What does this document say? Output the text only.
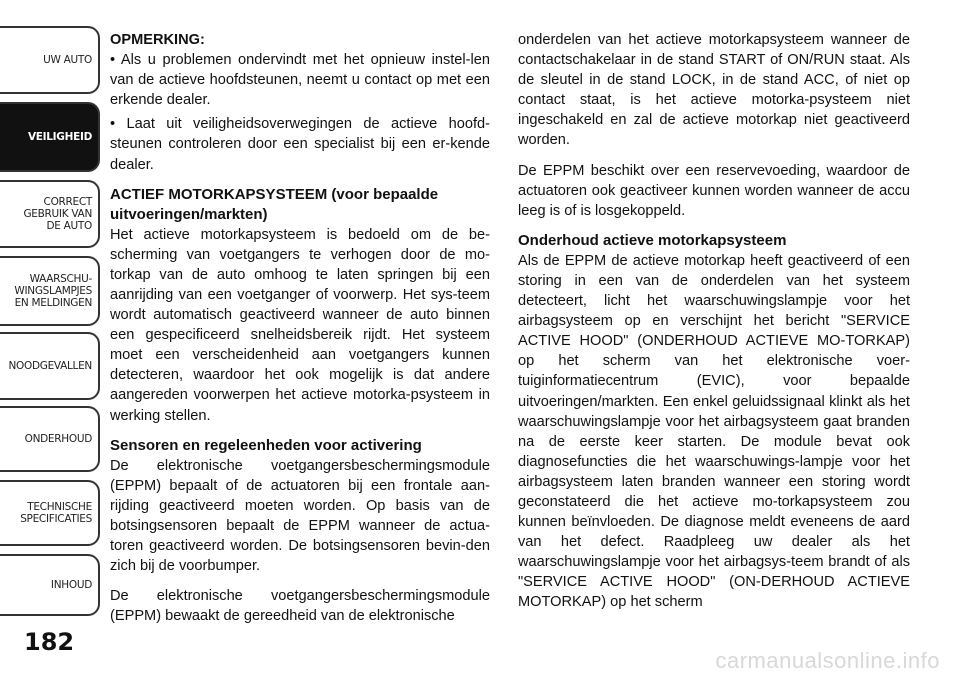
UW AUTO
VEILIGHEID
CORRECT
GEBRUIK VAN
DE AUTO
WAARSCHU-
WINGSLAMPJES
EN MELDINGEN
NOODGEVALLEN
ONDERHOUD
TECHNISCHE
SPECIFICATIES
INHOUD
182

OPMERKING:

• Als u problemen ondervindt met het opnieuw instel-len van de actieve hoofdsteunen, neemt u contact op met een erkende dealer.

• Laat uit veiligheidsoverwegingen de actieve hoofd-steunen controleren door een specialist bij een er-kende dealer.

ACTIEF MOTORKAPSYSTEEM (voor bepaalde uitvoeringen/markten)

Het actieve motorkapsysteem is bedoeld om de be-scherming van voetgangers te verhogen door de mo-torkap van de auto omhoog te laten springen bij een aanrijding van een voetganger of voorwerp. Het sys-teem wordt automatisch geactiveerd wanneer de auto binnen een gespecificeerd snelheidsbereik rijdt. Het systeem moet een verscheidenheid aan voetgangers kunnen detecteren, waardoor het ook mogelijk is dat andere aangereden voorwerpen het actieve motorka-psysteem in werking stellen.

Sensoren en regeleenheden voor activering

De elektronische voetgangersbeschermingsmodule (EPPM) bepaalt of de actuatoren bij een frontale aan-rijding geactiveerd moeten worden. Op basis van de botsingsensoren bepaalt de EPPM wanneer de actua-toren geactiveerd worden. De botsingsensoren bevin-den zich bij de voorbumper.

De elektronische voetgangersbeschermingsmodule (EPPM) bewaakt de gereedheid van de elektronische

onderdelen van het actieve motorkapsysteem wanneer de contactschakelaar in de stand START of ON/RUN staat. Als de sleutel in de stand LOCK, in de stand ACC, of niet op contact staat, is het actieve motorka-psysteem niet ingeschakeld en zal de actieve motorkap niet geactiveerd worden.

De EPPM beschikt over een reservevoeding, waardoor de actuatoren ook geactiveer kunnen worden wanneer de accu leeg is of is losgekoppeld.

Onderhoud actieve motorkapsysteem

Als de EPPM de actieve motorkap heeft geactiveerd of een storing in een van de onderdelen van het systeem detecteert, licht het waarschuwingslampje voor het airbagsysteem op en verschijnt het bericht "SERVICE ACTIVE HOOD" (ONDERHOUD ACTIEVE MO-TORKAP) op het scherm van het elektronische voer-tuiginformatiecentrum (EVIC), voor bepaalde uitvoeringen/markten. Een enkel geluidssignaal klinkt als het waarschuwingslampje voor het airbagsysteem gaat branden na de eerste keer starten. De module bevat ook diagnosefuncties die het waarschuwings-lampje voor het airbagsysteem laten branden wanneer een storing wordt geconstateerd die het actieve mo-torkapsysteem zou kunnen beïnvloeden. De diagnose meldt eveneens de aard van het defect. Raadpleeg uw dealer als het waarschuwingslampje voor het airbagsys-teem brandt of als "SERVICE ACTIVE HOOD" (ON-DERHOUD ACTIEVE MOTORKAP) op het scherm

carmanualsonline.info
